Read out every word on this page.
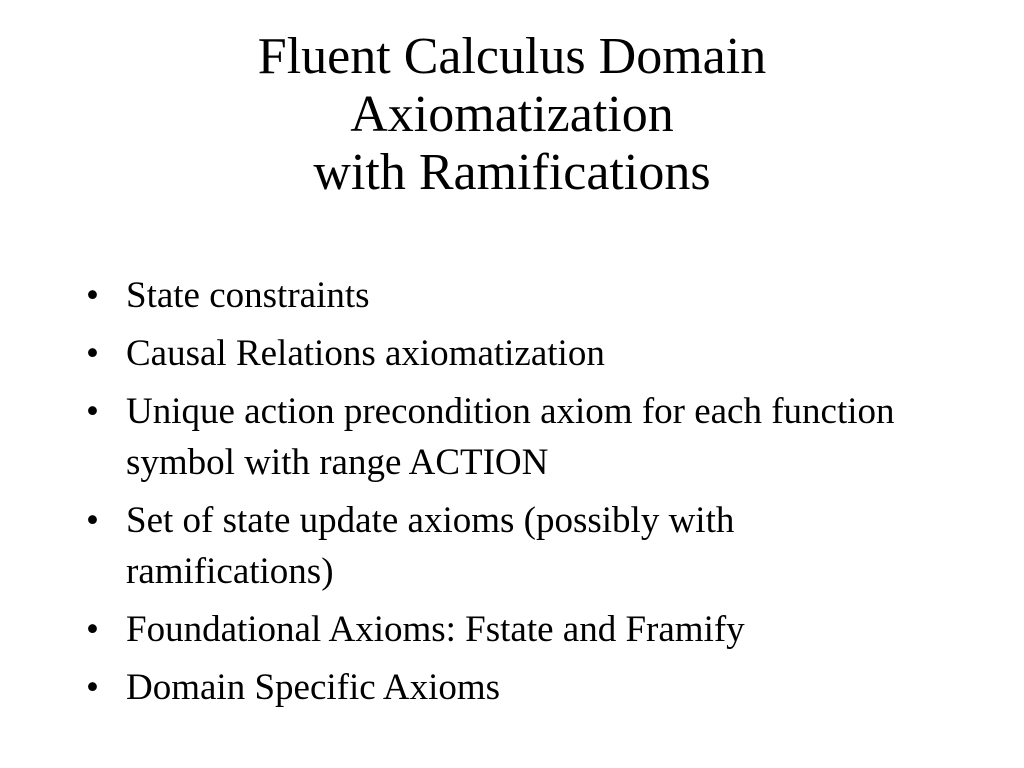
Fluent Calculus Domain
Axiomatization
with Ramifications
• State constraints
• Causal Relations axiomatization
• Unique action precondition axiom for each function symbol with range ACTION
• Set of state update axioms (possibly with ramifications)
• Foundational Axioms: Fstate and Framify
• Domain Specific Axioms
